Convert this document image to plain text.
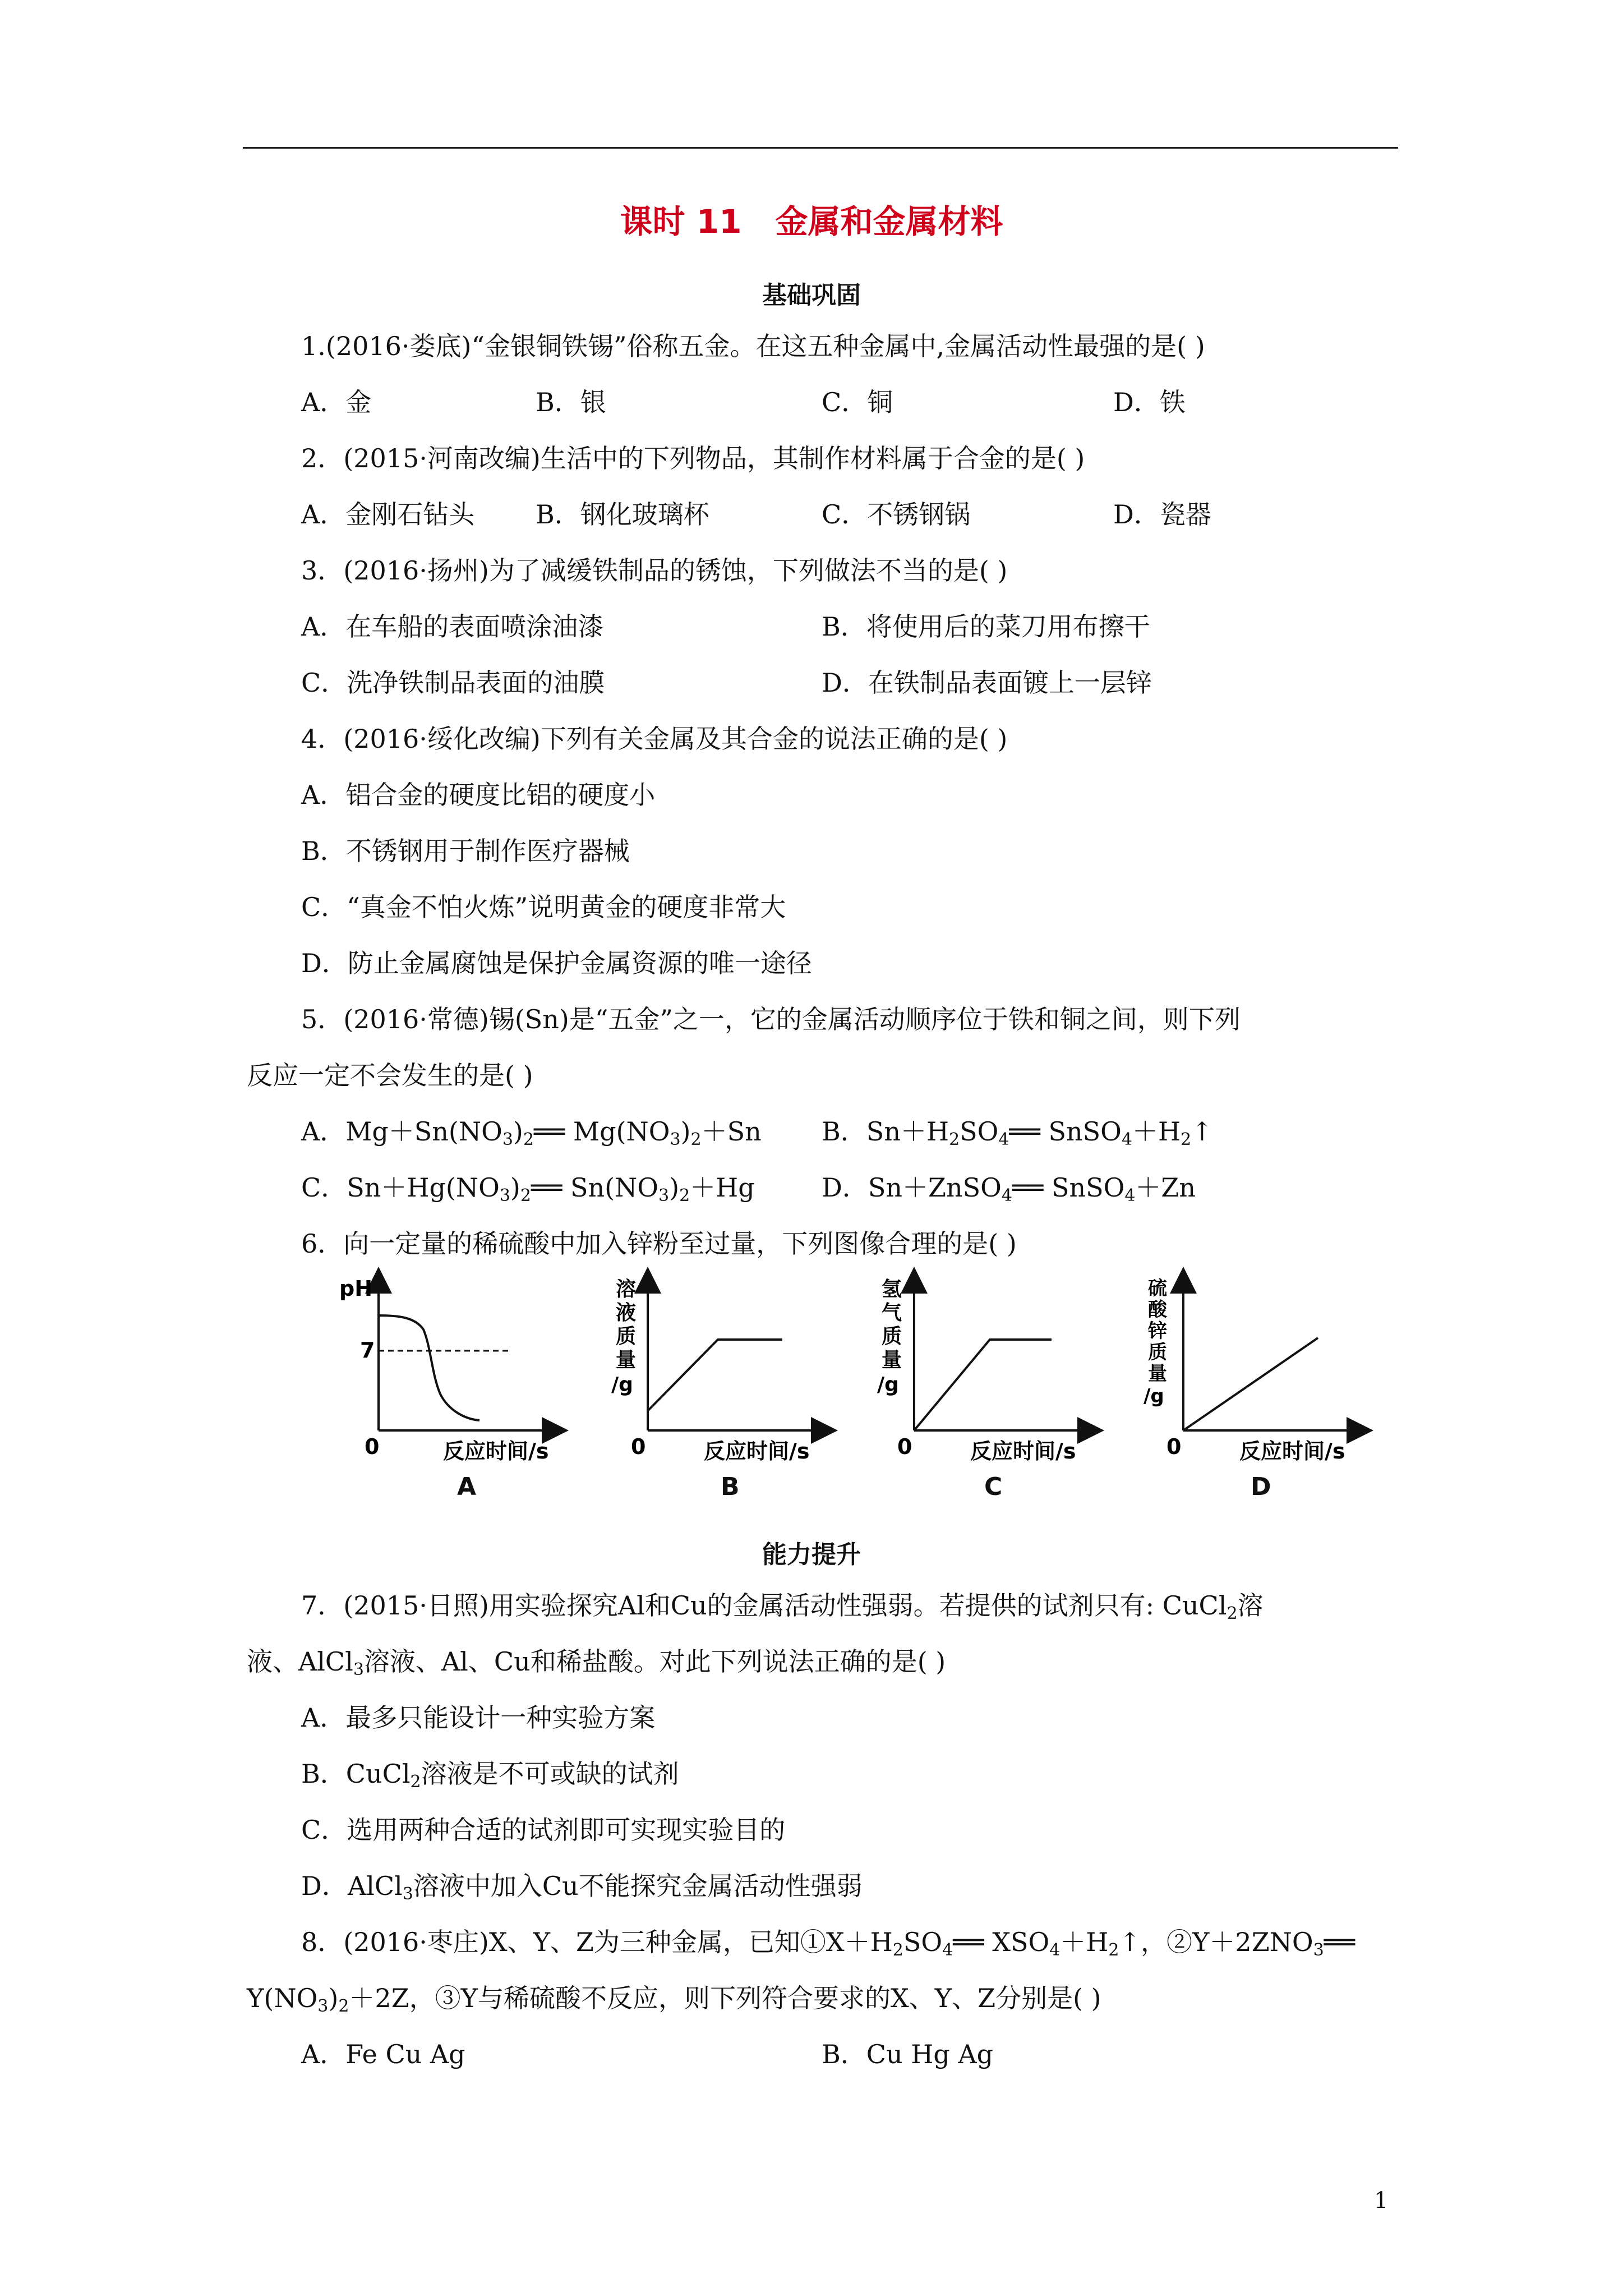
课时 11 金属和金属材料
基础巩固
1.(2016·娄底)“金银铜铁锡”俗称五金。在这五种金属中,金属活动性最强的是( )
A．金	B．银	C．铜	D．铁
2．(2015·河南改编)生活中的下列物品，其制作材料属于合金的是( )
A．金刚石钻头 B．钢化玻璃杯	C．不锈钢锅	D．瓷器
3．(2016·扬州)为了减缓铁制品的锈蚀，下列做法不当的是( )
A．在车船的表面喷涂油漆	B．将使用后的菜刀用布擦干
C．洗净铁制品表面的油膜	D．在铁制品表面镀上一层锌
4．(2016·绥化改编)下列有关金属及其合金的说法正确的是( )
A．铝合金的硬度比铝的硬度小
B．不锈钢用于制作医疗器械
C．“真金不怕火炼”说明黄金的硬度非常大
D．防止金属腐蚀是保护金属资源的唯一途径
5．(2016·常德)锡(Sn)是“五金”之一，它的金属活动顺序位于铁和铜之间，则下列
反应一定不会发生的是( )
A．$Mg+Sn(NO_3)_2══$ $Mg(NO_3)_2+Sn$ B．$Sn+H_2SO_4══$ $SnSO_4+H_2↑$
C．$Sn+Hg(NO_3)_2══$ $Sn(NO_3)_2+Hg$	D．Sn＋ZnSO$_4$══ SnSO$_4$＋Zn
6．向一定量的稀硫酸中加入锌粉至过量，下列图像合理的是( )
pH
7
0	反应时间/s
A
溶
液
质
量
/g
0	反应时间/s
B
氢
气
质
量
/g
0	反应时间/s
C
硫
酸
锌
质
量
/g
0	反应时间/s
D
能力提升
7．(2015·日照)用实验探究Al和Cu的金属活动性强弱。若提供的试剂只有: CuCl$_2$溶
液、AlCl$_3$溶液、Al、Cu和稀盐酸。对此下列说法正确的是( )
A．最多只能设计一种实验方案
B．CuCl$_2$溶液是不可或缺的试剂
C．选用两种合适的试剂即可实现实验目的
D．AlCl$_3$溶液中加入Cu不能探究金属活动性强弱
8．(2016·枣庄)X、Y、Z为三种金属，已知$①X+H_2SO_4══$ $XSO_4+H_2↑$，$②Y+2ZNO_3══$
$Y(NO_3)_2+2Z$，③Y与稀硫酸不反应，则下列符合要求的X、Y、Z分别是( )
A．Fe Cu Ag	B．Cu Hg Ag
1
